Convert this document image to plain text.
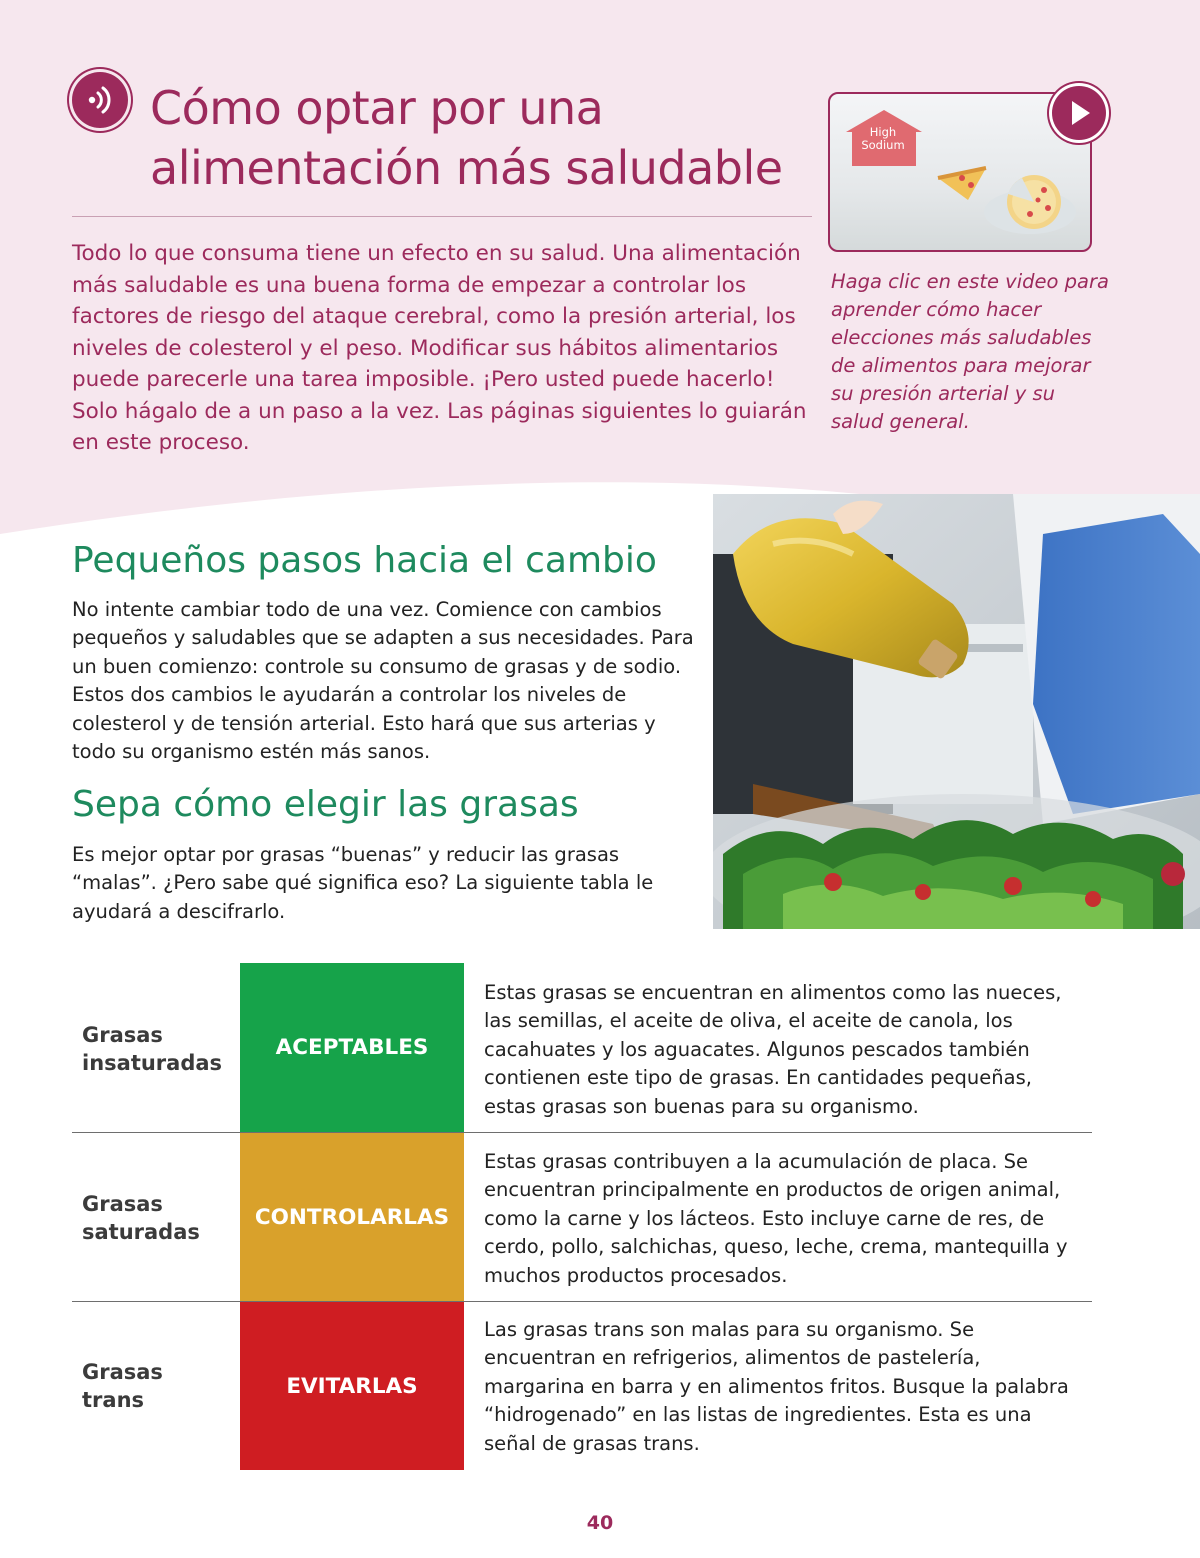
Cómo optar por una
alimentación más saludable

Todo lo que consuma tiene un efecto en su salud. Una alimentación más saludable es una buena forma de empezar a controlar los factores de riesgo del ataque cerebral, como la presión arterial, los niveles de colesterol y el peso. Modificar sus hábitos alimentarios puede parecerle una tarea imposible. ¡Pero usted puede hacerlo! Solo hágalo de a un paso a la vez. Las páginas siguientes lo guiarán en este proceso.

High
Sodium

Haga clic en este video para aprender cómo hacer elecciones más saludables de alimentos para mejorar su presión arterial y su salud general.

Pequeños pasos hacia el cambio

No intente cambiar todo de una vez. Comience con cambios pequeños y saludables que se adapten a sus necesidades. Para un buen comienzo: controle su consumo de grasas y de sodio. Estos dos cambios le ayudarán a controlar los niveles de colesterol y de tensión arterial. Esto hará que sus arterias y todo su organismo estén más sanos.

Sepa cómo elegir las grasas

Es mejor optar por grasas “buenas” y reducir las grasas “malas”. ¿Pero sabe qué significa eso? La siguiente tabla le ayudará a descifrarlo.

Grasas
insaturadas
ACEPTABLES

Estas grasas se encuentran en alimentos como las nueces, las semillas, el aceite de oliva, el aceite de canola, los cacahuates y los aguacates. Algunos pescados también contienen este tipo de grasas. En cantidades pequeñas, estas grasas son buenas para su organismo.

Grasas
saturadas
CONTROLARLAS

Estas grasas contribuyen a la acumulación de placa. Se encuentran principalmente en productos de origen animal, como la carne y los lácteos. Esto incluye carne de res, de cerdo, pollo, salchichas, queso, leche, crema, mantequilla y muchos productos procesados.

Grasas
trans
EVITARLAS

Las grasas trans son malas para su organismo. Se encuentran en refrigerios, alimentos de pastelería, margarina en barra y en alimentos fritos. Busque la palabra “hidrogenado” en las listas de ingredientes. Esta es una señal de grasas trans.

40
